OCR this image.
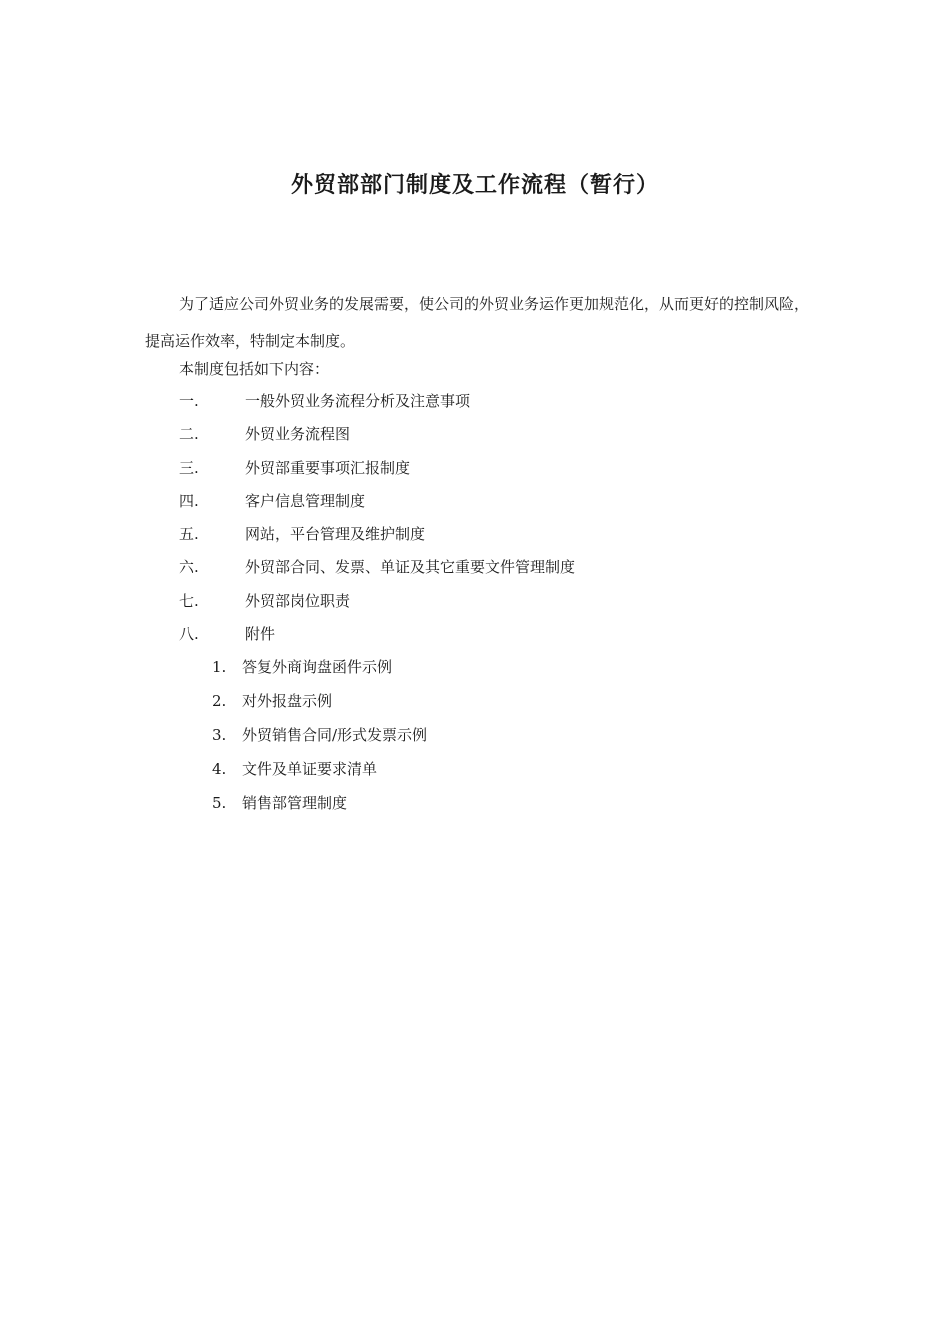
外贸部部门制度及工作流程（暂行）

为了适应公司外贸业务的发展需要，使公司的外贸业务运作更加规范化，从而更好的控制风险，提高运作效率，特制定本制度。

本制度包括如下内容：

一.	一般外贸业务流程分析及注意事项
二.	外贸业务流程图
三.	外贸部重要事项汇报制度
四.	客户信息管理制度
五.	网站，平台管理及维护制度
六.	外贸部合同、发票、单证及其它重要文件管理制度
七.	外贸部岗位职责
八.	附件
1.	答复外商询盘函件示例
2.	对外报盘示例
3.	外贸销售合同/形式发票示例
4.	文件及单证要求清单
5.	销售部管理制度
